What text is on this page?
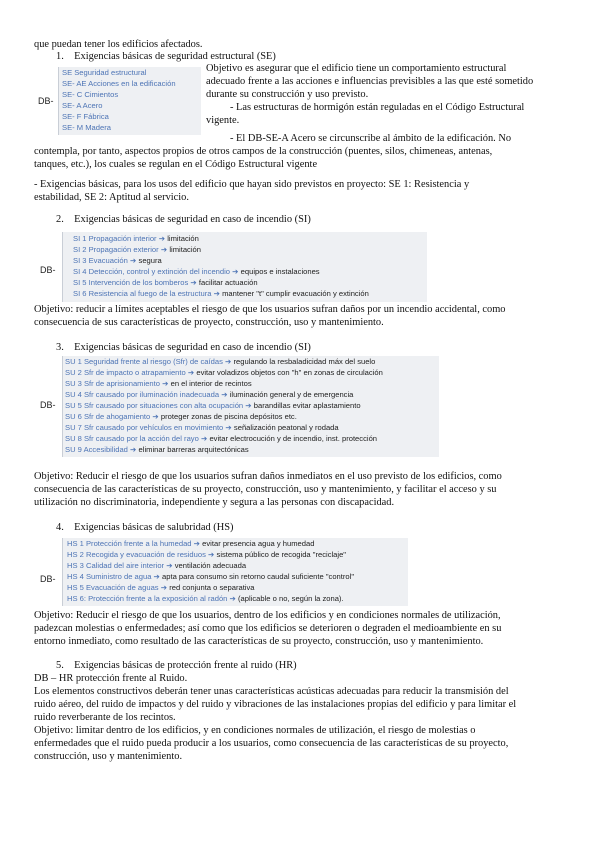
que puedan tener los edificios afectados.
1.    Exigencias básicas de seguridad estructural (SE)
SE Seguridad estructural
SE- AE Acciones en la edificación
SE- C Cimientos
SE- A Acero
SE- F Fábrica
SE- M Madera
DB-
Objetivo es asegurar que el edificio tiene un comportamiento estructural
adecuado frente a las acciones e influencias previsibles a las que esté sometido
durante su construcción y uso previsto.
- Las estructuras de hormigón están reguladas en el Código Estructural
vigente.
- El DB-SE-A Acero se circunscribe al ámbito de la edificación. No
contempla, por tanto, aspectos propios de otros campos de la construcción (puentes, silos, chimeneas, antenas,
tanques, etc.), los cuales se regulan en el Código Estructural vigente
- Exigencias básicas, para los usos del edificio que hayan sido previstos en proyecto: SE 1: Resistencia y
estabilidad, SE 2: Aptitud al servicio.
2.    Exigencias básicas de seguridad en caso de incendio (SI)
SI 1 Propagación interior ➔ limitación
SI 2 Propagación exterior ➔ limitación
SI 3 Evacuación ➔ segura
SI 4 Detección, control y extinción del incendio ➔ equipos e instalaciones
SI 5 Intervención de los bomberos ➔ facilitar actuación
SI 6 Resistencia al fuego de la estructura ➔ mantener "t" cumplir evacuación y extinción
DB-
Objetivo: reducir a límites aceptables el riesgo de que los usuarios sufran daños por un incendio accidental, como
consecuencia de sus características de proyecto, construcción, uso y mantenimiento.
3.    Exigencias básicas de seguridad en caso de incendio (SI)
SU 1 Seguridad frente al riesgo (Sfr) de caídas ➔ regulando la resbaladicidad máx del suelo
SU 2 Sfr de impacto o atrapamiento ➔ evitar voladizos objetos con "h" en zonas de circulación
SU 3 Sfr de aprisionamiento ➔ en el interior de recintos
SU 4 Sfr causado por iluminación inadecuada ➔ iluminación general y de emergencia
SU 5 Sfr causado por situaciones con alta ocupación ➔ barandillas evitar aplastamiento
SU 6 Sfr de ahogamiento ➔ proteger zonas de piscina depósitos etc.
SU 7 Sfr causado por vehículos en movimiento ➔ señalización peatonal y rodada
SU 8 Sfr causado por la acción del rayo ➔ evitar electrocución y de incendio, inst. protección
SU 9 Accesibilidad ➔ eliminar barreras arquitectónicas
DB-
Objetivo: Reducir el riesgo de que los usuarios sufran daños inmediatos en el uso previsto de los edificios, como
consecuencia de las características de su proyecto, construcción, uso y mantenimiento, y facilitar el acceso y su
utilización no discriminatoria, independiente y segura a las personas con discapacidad.
4.    Exigencias básicas de salubridad (HS)
HS 1 Protección frente a la humedad ➔ evitar presencia agua y humedad
HS 2 Recogida y evacuación de residuos ➔ sistema público de recogida "reciclaje"
HS 3 Calidad del aire interior ➔ ventilación adecuada
HS 4 Suministro de agua ➔ apta para consumo sin retorno caudal suficiente "control"
HS 5 Evacuación de aguas ➔ red conjunta o separativa
HS 6: Protección frente a la exposición al radón ➔ (aplicable o no, según la zona).
DB-
Objetivo: Reducir el riesgo de que los usuarios, dentro de los edificios y en condiciones normales de utilización,
padezcan molestias o enfermedades; así como que los edificios se deterioren o degraden el medioambiente en su
entorno inmediato, como resultado de las características de su proyecto, construcción, uso y mantenimiento.
5.    Exigencias básicas de protección frente al ruido (HR)
DB – HR protección frente al Ruido.
Los elementos constructivos deberán tener unas características acústicas adecuadas para reducir la transmisión del
ruido aéreo, del ruido de impactos y del ruido y vibraciones de las instalaciones propias del edificio y para limitar el
ruido reverberante de los recintos.
Objetivo: limitar dentro de los edificios, y en condiciones normales de utilización, el riesgo de molestias o
enfermedades que el ruido pueda producir a los usuarios, como consecuencia de las características de su proyecto,
construcción, uso y mantenimiento.
